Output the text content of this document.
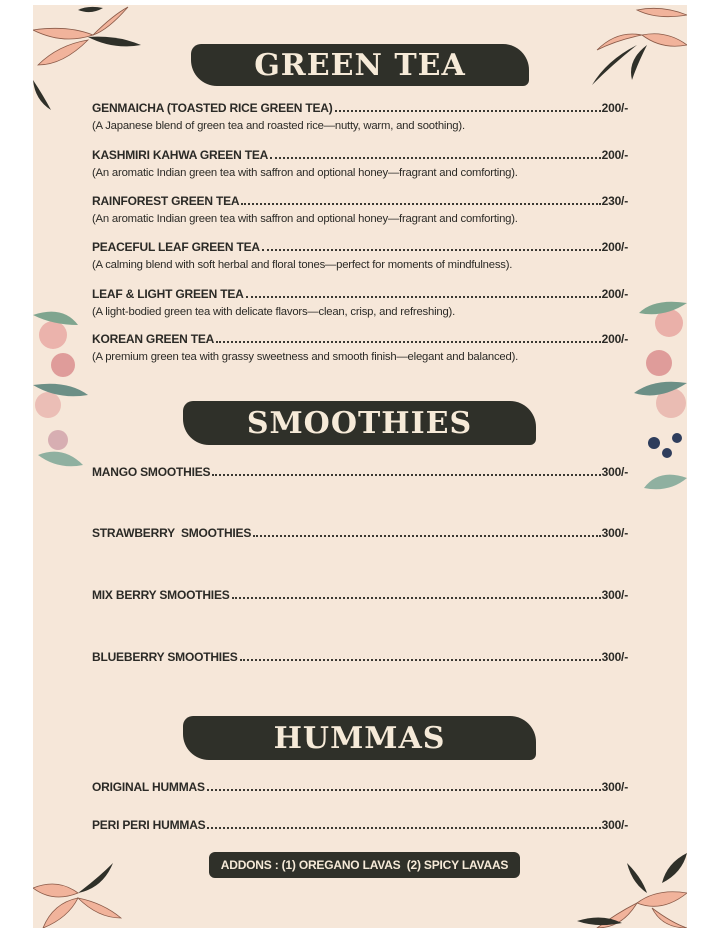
GREEN TEA
GENMAICHA (TOASTED RICE GREEN TEA)	200/-
(A Japanese blend of green tea and roasted rice—nutty, warm, and soothing).
KASHMIRI KAHWA GREEN TEA	200/-
(An aromatic Indian green tea with saffron and optional honey—fragrant and comforting).
RAINFOREST GREEN TEA	230/-
(An aromatic Indian green tea with saffron and optional honey—fragrant and comforting).
PEACEFUL LEAF GREEN TEA	200/-
(A calming blend with soft herbal and floral tones—perfect for moments of mindfulness).
LEAF & LIGHT GREEN TEA	200/-
(A light-bodied green tea with delicate flavors—clean, crisp, and refreshing).
KOREAN GREEN TEA	200/-
(A premium green tea with grassy sweetness and smooth finish—elegant and balanced).
SMOOTHIES
MANGO SMOOTHIES	300/-
STRAWBERRY  SMOOTHIES	300/-
MIX BERRY SMOOTHIES	300/-
BLUEBERRY SMOOTHIES	300/-
HUMMAS
ORIGINAL HUMMAS	300/-
PERI PERI HUMMAS	300/-
ADDONS : (1) OREGANO LAVAS  (2) SPICY LAVAAS
